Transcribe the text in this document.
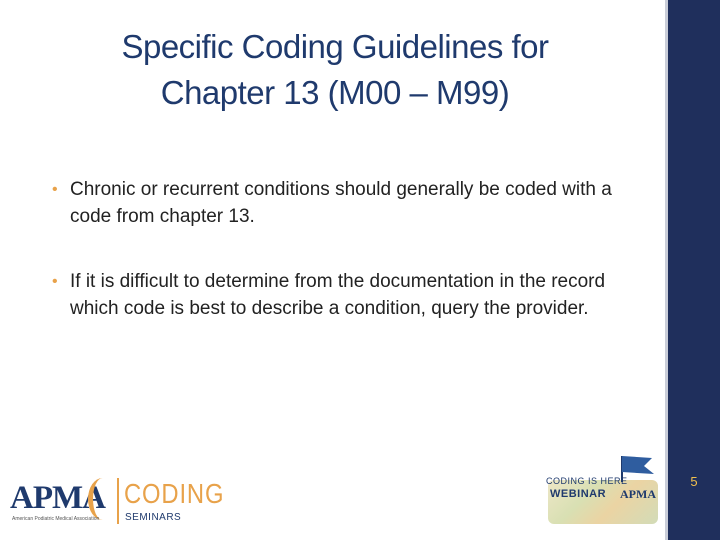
5
Specific Coding Guidelines for
Chapter 13 (M00 – M99)
• Chronic or recurrent conditions should generally be coded with a code from chapter 13.
• If it is difficult to determine from the documentation in the record which code is best to describe a condition, query the provider.
APMA
American Podiatric Medical Association
CODING
SEMINARS
CODING IS HERE
WEBINAR APMA
